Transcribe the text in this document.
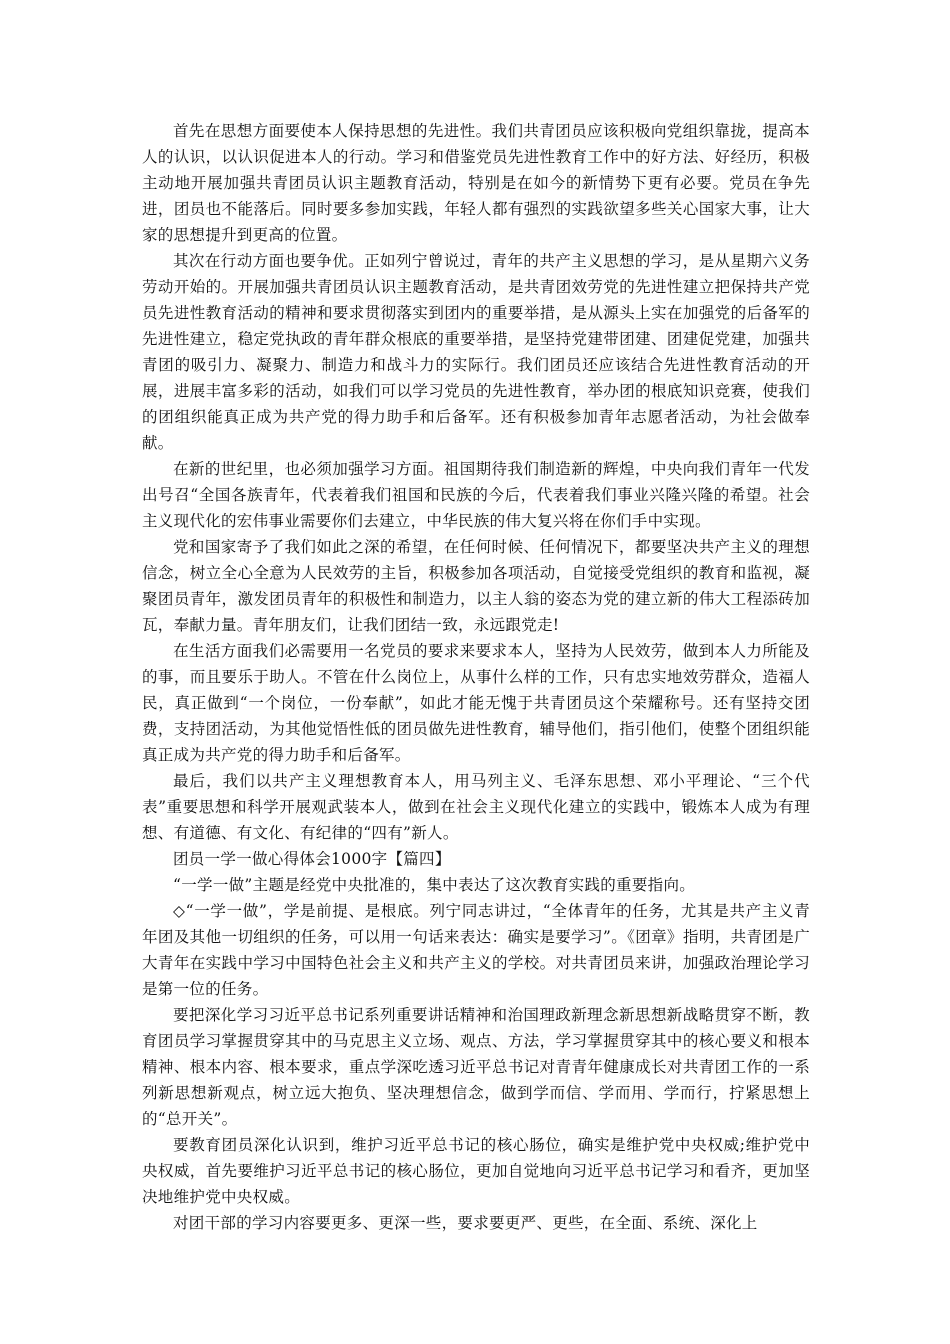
首先在思想方面要使本人保持思想的先进性。我们共青团员应该积极向党组织靠拢，提高本人的认识，以认识促进本人的行动。学习和借鉴党员先进性教育工作中的好方法、好经历，积极主动地开展加强共青团员认识主题教育活动，特别是在如今的新情势下更有必要。党员在争先进，团员也不能落后。同时要多参加实践，年轻人都有强烈的实践欲望多些关心国家大事，让大家的思想提升到更高的位置。

其次在行动方面也要争优。正如列宁曾说过，青年的共产主义思想的学习，是从星期六义务劳动开始的。开展加强共青团员认识主题教育活动，是共青团效劳党的先进性建立把保持共产党员先进性教育活动的精神和要求贯彻落实到团内的重要举措，是从源头上实在加强党的后备军的先进性建立，稳定党执政的青年群众根底的重要举措，是坚持党建带团建、团建促党建，加强共青团的吸引力、凝聚力、制造力和战斗力的实际行。我们团员还应该结合先进性教育活动的开展，进展丰富多彩的活动，如我们可以学习党员的先进性教育，举办团的根底知识竞赛，使我们的团组织能真正成为共产党的得力助手和后备军。还有积极参加青年志愿者活动，为社会做奉献。

在新的世纪里，也必须加强学习方面。祖国期待我们制造新的辉煌，中央向我们青年一代发出号召“全国各族青年，代表着我们祖国和民族的今后，代表着我们事业兴隆兴隆的希望。社会主义现代化的宏伟事业需要你们去建立，中华民族的伟大复兴将在你们手中实现。

党和国家寄予了我们如此之深的希望，在任何时候、任何情况下，都要坚决共产主义的理想信念，树立全心全意为人民效劳的主旨，积极参加各项活动，自觉接受党组织的教育和监视，凝聚团员青年，激发团员青年的积极性和制造力，以主人翁的姿态为党的建立新的伟大工程添砖加瓦，奉献力量。青年朋友们，让我们团结一致，永远跟党走!

在生活方面我们必需要用一名党员的要求来要求本人，坚持为人民效劳，做到本人力所能及的事，而且要乐于助人。不管在什么岗位上，从事什么样的工作，只有忠实地效劳群众，造福人民，真正做到“一个岗位，一份奉献”，如此才能无愧于共青团员这个荣耀称号。还有坚持交团费，支持团活动，为其他觉悟性低的团员做先进性教育，辅导他们，指引他们，使整个团组织能真正成为共产党的得力助手和后备军。

最后，我们以共产主义理想教育本人，用马列主义、毛泽东思想、邓小平理论、“三个代表”重要思想和科学开展观武装本人，做到在社会主义现代化建立的实践中，锻炼本人成为有理想、有道德、有文化、有纪律的“四有”新人。

团员一学一做心得体会1000字【篇四】

“一学一做”主题是经党中央批准的，集中表达了这次教育实践的重要指向。

◇“一学一做”，学是前提、是根底。列宁同志讲过，“全体青年的任务，尤其是共产主义青年团及其他一切组织的任务，可以用一句话来表达：确实是要学习”。《团章》指明，共青团是广大青年在实践中学习中国特色社会主义和共产主义的学校。对共青团员来讲，加强政治理论学习是第一位的任务。

要把深化学习习近平总书记系列重要讲话精神和治国理政新理念新思想新战略贯穿不断，教育团员学习掌握贯穿其中的马克思主义立场、观点、方法，学习掌握贯穿其中的核心要义和根本精神、根本内容、根本要求，重点学深吃透习近平总书记对青青年健康成长对共青团工作的一系列新思想新观点，树立远大抱负、坚决理想信念，做到学而信、学而用、学而行，拧紧思想上的“总开关”。

要教育团员深化认识到，维护习近平总书记的核心肠位，确实是维护党中央权威;维护党中央权威，首先要维护习近平总书记的核心肠位，更加自觉地向习近平总书记学习和看齐，更加坚决地维护党中央权威。

对团干部的学习内容要更多、更深一些，要求要更严、更些，在全面、系统、深化上
